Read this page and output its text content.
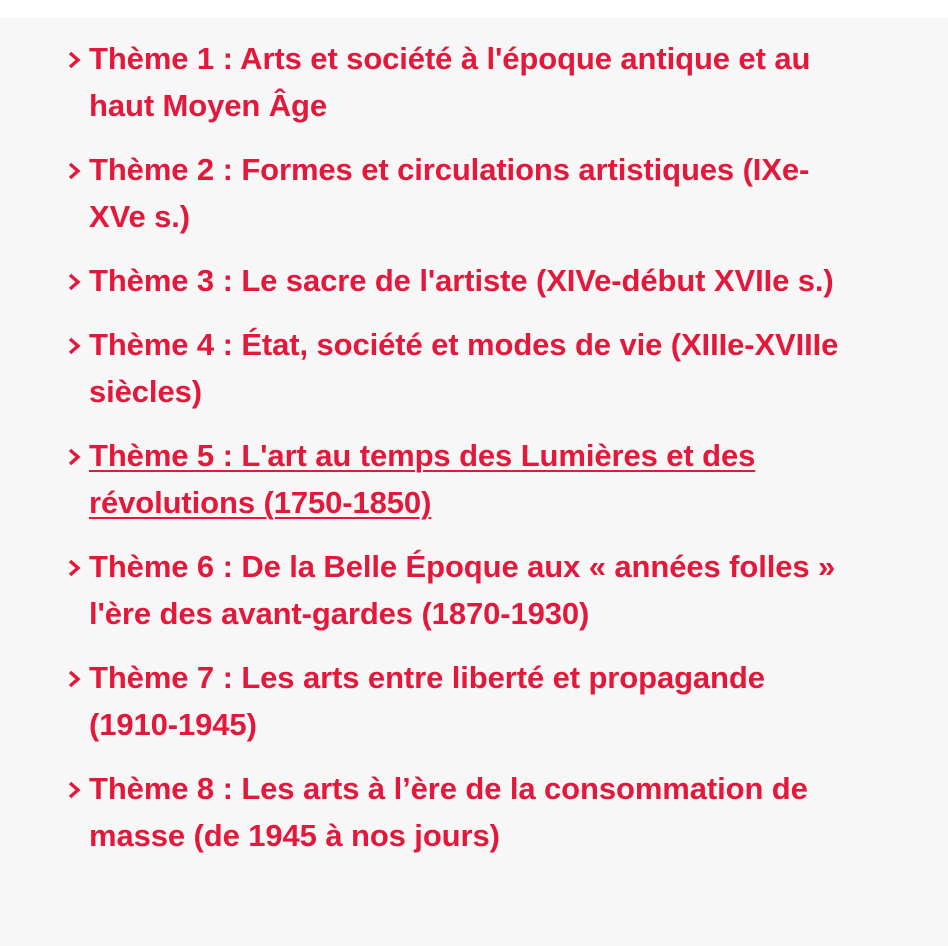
Thème 1 : Arts et société à l'époque antique et au haut Moyen Âge
Thème 2 : Formes et circulations artistiques (IXe-XVe s.)
Thème 3 : Le sacre de l'artiste (XIVe-début XVIIe s.)
Thème 4 : État, société et modes de vie (XIIIe-XVIIIe siècles)
Thème 5 : L'art au temps des Lumières et des révolutions (1750-1850)
Thème 6 : De la Belle Époque aux « années folles » l'ère des avant-gardes (1870-1930)
Thème 7 : Les arts entre liberté et propagande (1910-1945)
Thème 8 : Les arts à l’ère de la consommation de masse (de 1945 à nos jours)
